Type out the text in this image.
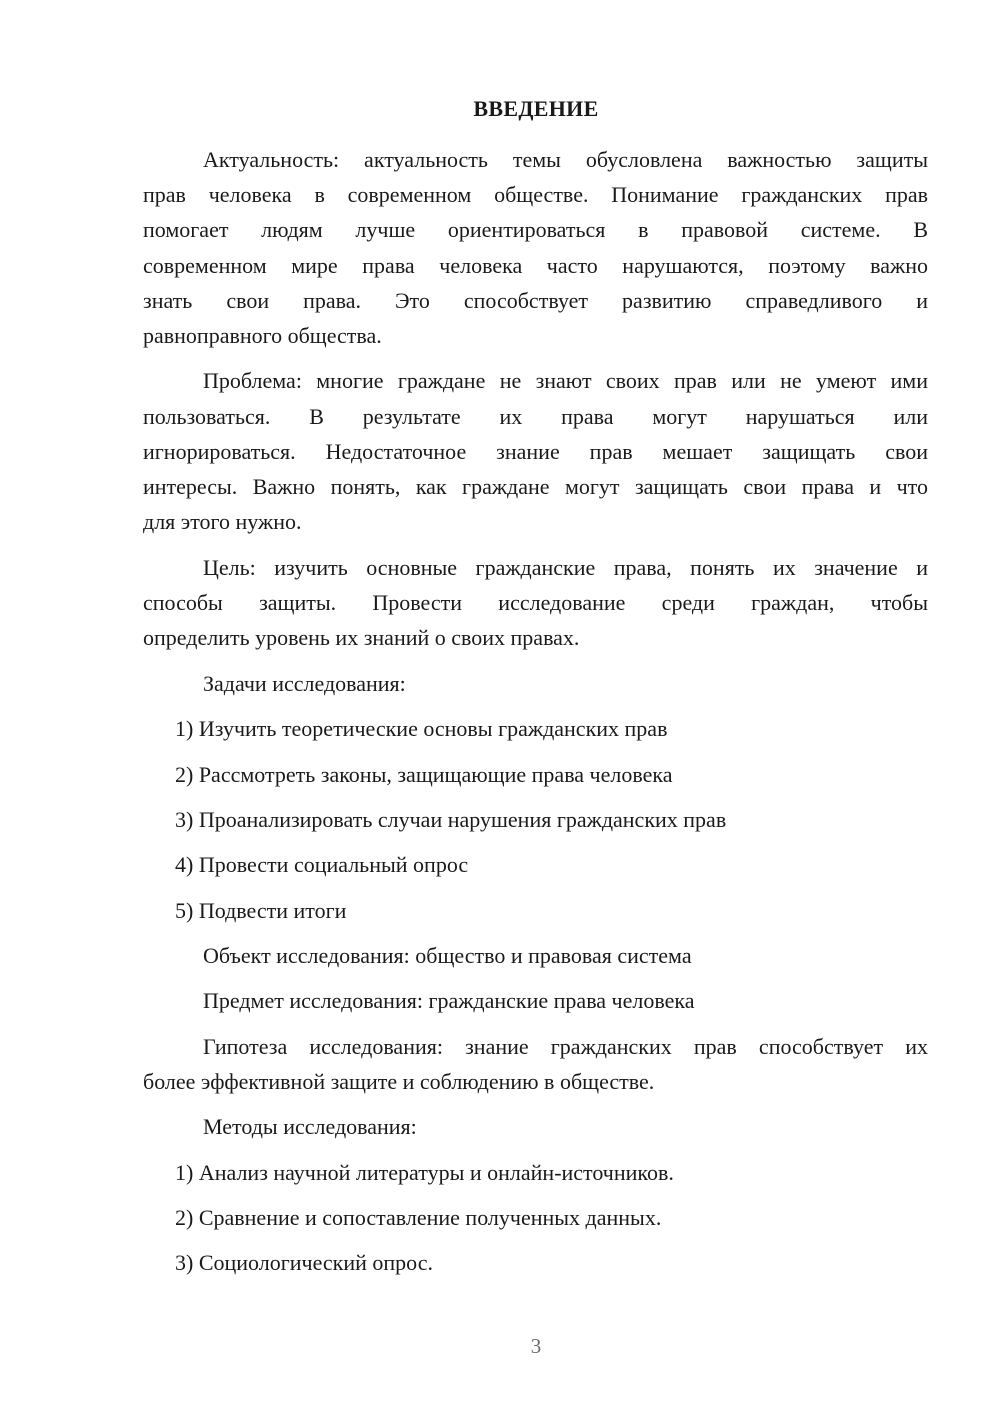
ВВЕДЕНИЕ
Актуальность: актуальность темы обусловлена важностью защиты
прав человека в современном обществе. Понимание гражданских прав
помогает людям лучше ориентироваться в правовой системе. В
современном мире права человека часто нарушаются, поэтому важно
знать свои права. Это способствует развитию справедливого и
равноправного общества.
Проблема: многие граждане не знают своих прав или не умеют ими
пользоваться. В результате их права могут нарушаться или
игнорироваться. Недостаточное знание прав мешает защищать свои
интересы. Важно понять, как граждане могут защищать свои права и что
для этого нужно.
Цель: изучить основные гражданские права, понять их значение и
способы защиты. Провести исследование среди граждан, чтобы
определить уровень их знаний о своих правах.
Задачи исследования:
1) Изучить теоретические основы гражданских прав
2) Рассмотреть законы, защищающие права человека
3) Проанализировать случаи нарушения гражданских прав
4) Провести социальный опрос
5) Подвести итоги
Объект исследования: общество и правовая система
Предмет исследования: гражданские права человека
Гипотеза исследования: знание гражданских прав способствует их
более эффективной защите и соблюдению в обществе.
Методы исследования:
1) Анализ научной литературы и онлайн-источников.
2) Сравнение и сопоставление полученных данных.
3) Социологический опрос.
3
